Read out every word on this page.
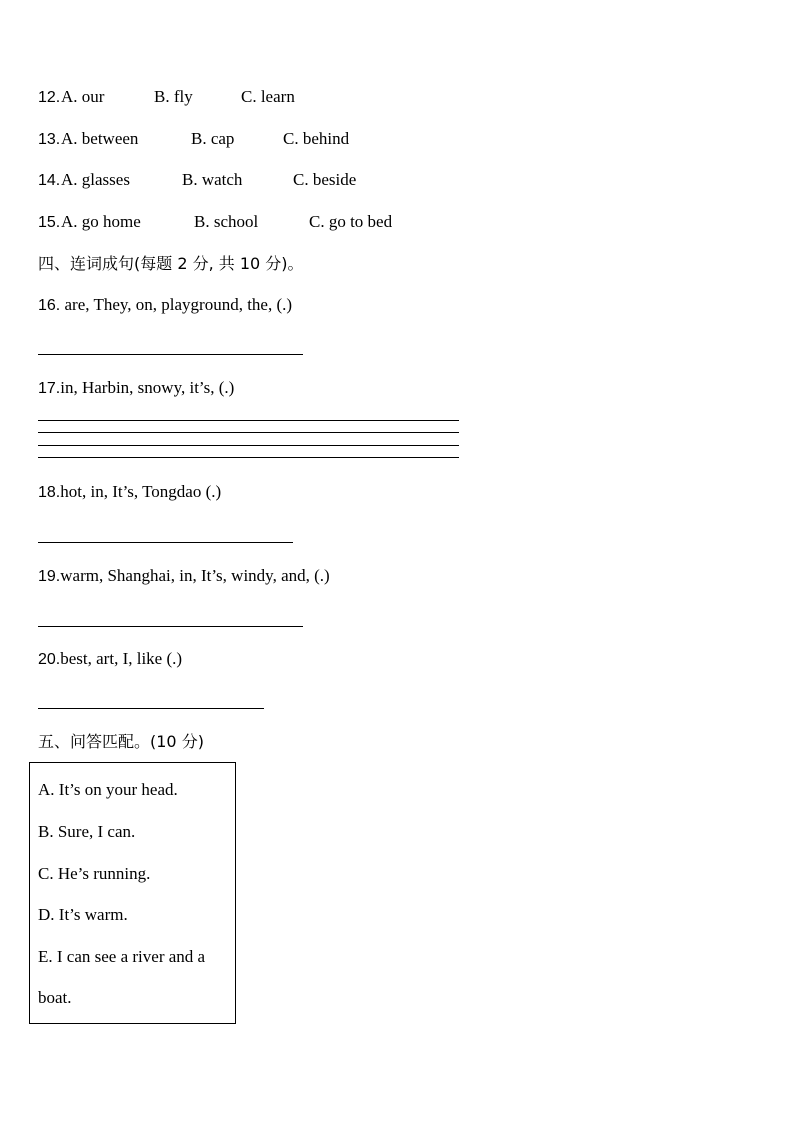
12. A. our	B. fly	C. learn
13. A. between	B. cap	C. behind
14. A. glasses	B. watch	C. beside
15. A. go home	B. school	C. go to bed
四、连词成句(每题 2 分, 共 10 分)。
16. are, They, on, playground, the, (.)
17.in, Harbin, snowy, it’s, (.)
18.hot, in, It’s, Tongdao (.)
19.warm, Shanghai, in, It’s, windy, and, (.)
20.best, art, I, like (.)
五、问答匹配。(10 分)
A. It’s on your head.
B. Sure, I can.
C. He’s running.
D. It’s warm.
E. I can see a river and a
boat.
